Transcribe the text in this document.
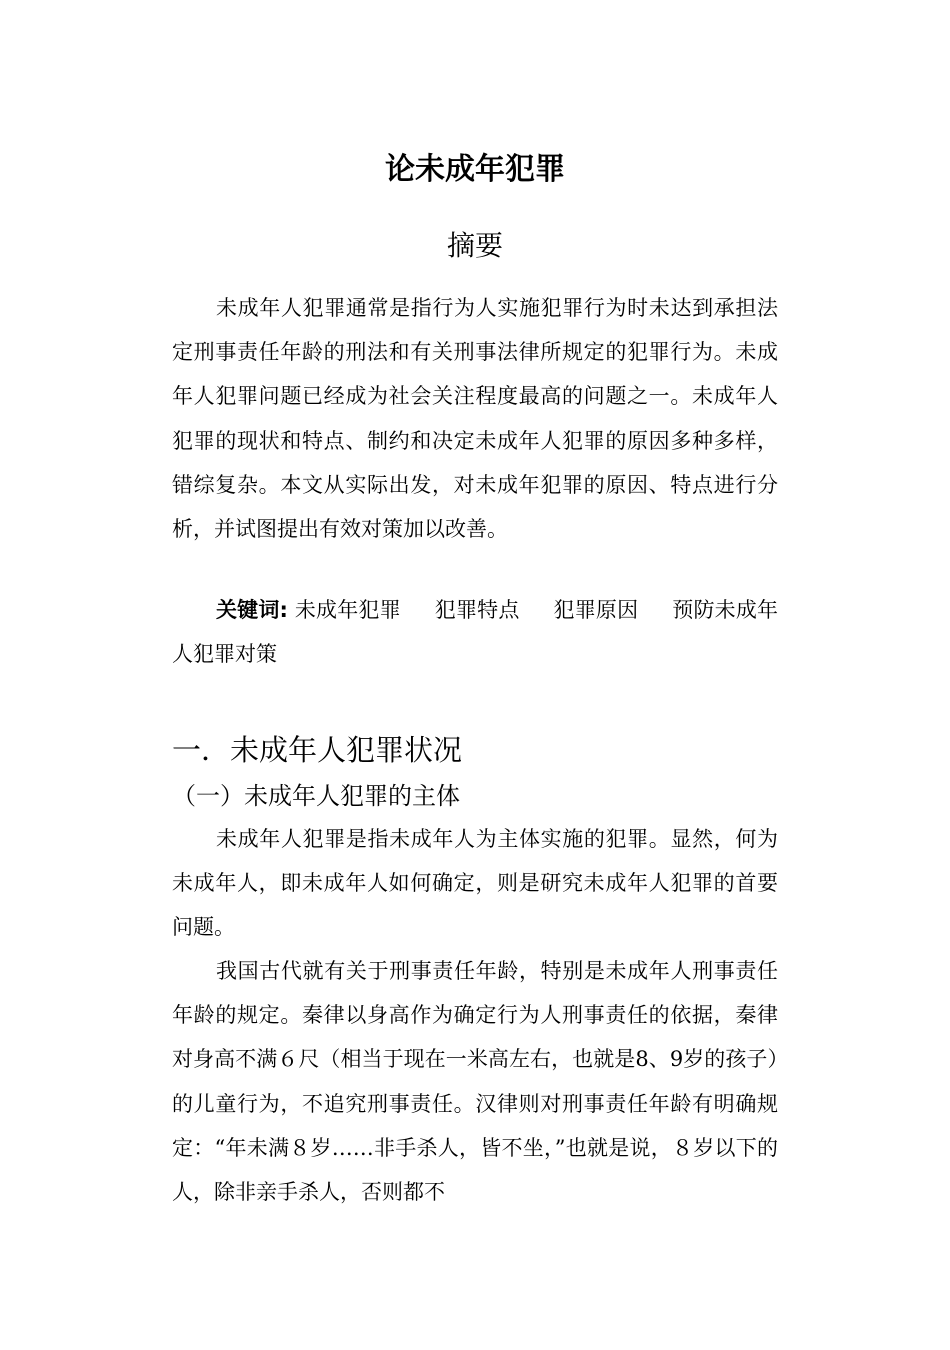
论未成年犯罪
摘要

未成年人犯罪通常是指行为人实施犯罪行为时未达到承担法定刑事责任年龄的刑法和有关刑事法律所规定的犯罪行为。未成年人犯罪问题已经成为社会关注程度最高的问题之一。未成年人犯罪的现状和特点、制约和决定未成年人犯罪的原因多种多样，错综复杂。本文从实际出发，对未成年犯罪的原因、特点进行分析，并试图提出有效对策加以改善。

关键词: 未成年犯罪 犯罪特点 犯罪原因 预防未成年人犯罪对策

一．未成年人犯罪状况
（一）未成年人犯罪的主体

未成年人犯罪是指未成年人为主体实施的犯罪。显然，何为未成年人，即未成年人如何确定，则是研究未成年人犯罪的首要问题。

我国古代就有关于刑事责任年龄，特别是未成年人刑事责任年龄的规定。秦律以身高作为确定行为人刑事责任的依据，秦律对身高不满６尺（相当于现在一米高左右，也就是8、9岁的孩子）的儿童行为，不追究刑事责任。汉律则对刑事责任年龄有明确规定：“年未满８岁……非手杀人，皆不坐，”也就是说，８岁以下的人，除非亲手杀人，否则都不
